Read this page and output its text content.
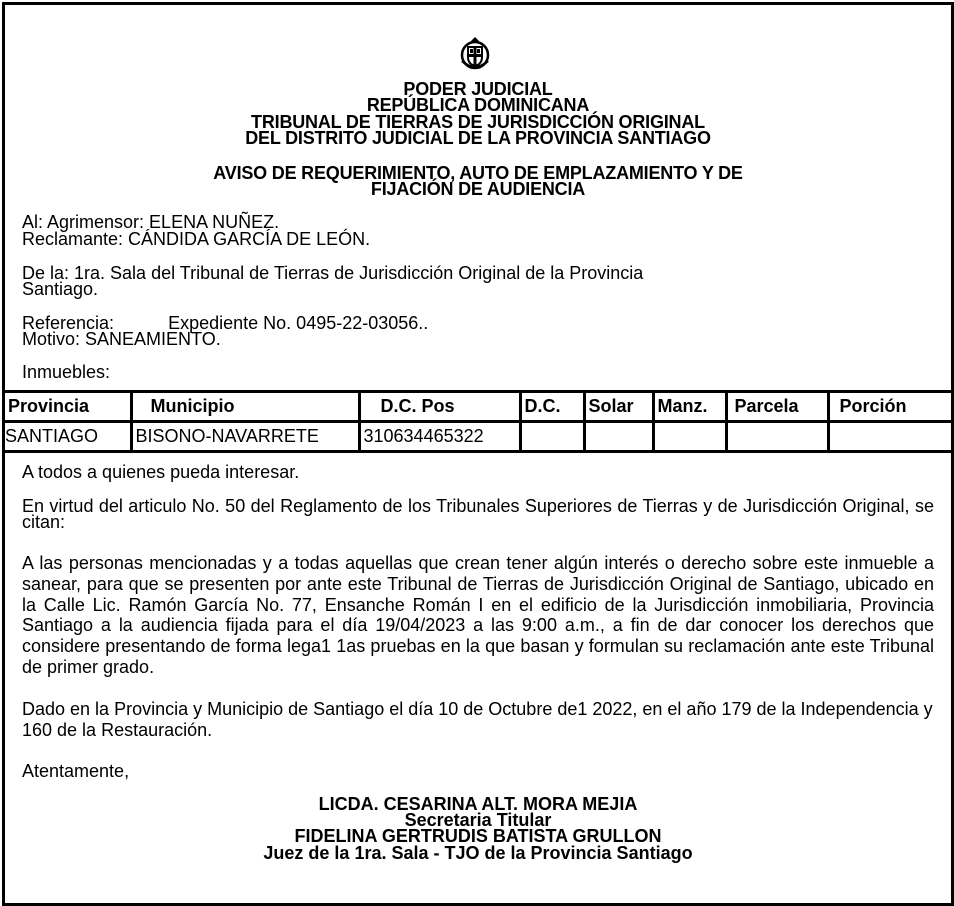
PODER JUDICIAL
REPÚBLICA DOMINICANA
TRIBUNAL DE TIERRAS DE JURISDICCIÓN ORIGINAL
DEL DISTRITO JUDICIAL DE LA PROVINCIA SANTIAGO
AVISO DE REQUERIMIENTO, AUTO DE EMPLAZAMIENTO Y DE
FIJACIÓN DE AUDIENCIA
Al: Agrimensor: ELENA NUÑEZ.
Reclamante: CÁNDIDA GARCÍA DE LEÓN.
De la: 1ra. Sala del Tribunal de Tierras de Jurisdicción Original de la Provincia
Santiago.
Referencia:	Expediente No. 0495-22-03056..
Motivo: SANEAMIENTO.
Inmuebles:
Provincia	Municipio	D.C. Pos	D.C.	Solar	Manz.	Parcela	Porción
SANTIAGO	BISONO-NAVARRETE	310634465322					
A todos a quienes pueda interesar.
En virtud del articulo No. 50 del Reglamento de los Tribunales Superiores de Tierras y de Jurisdicción Original, se citan:
A las personas mencionadas y a todas aquellas que crean tener algún interés o derecho sobre este inmueble a sanear, para que se presenten por ante este Tribunal de Tierras de Jurisdicción Original de Santiago, ubicado en la Calle Lic. Ramón García No. 77, Ensanche Román I en el edificio de la Jurisdicción inmobiliaria, Provincia Santiago a la audiencia fijada para el día 19/04/2023 a las 9:00 a.m., a fin de dar conocer los derechos que considere presentando de forma lega1 1as pruebas en la que basan y formulan su reclamación ante este Tribunal de primer grado.
Dado en la Provincia y Municipio de Santiago el día 10 de Octubre de1 2022, en el año 179 de la Independencia y 160 de la Restauración.
Atentamente,
LICDA. CESARINA ALT. MORA MEJIA
Secretaria Titular
FIDELINA GERTRUDIS BATISTA GRULLON
Juez de la 1ra. Sala - TJO de la Provincia Santiago
